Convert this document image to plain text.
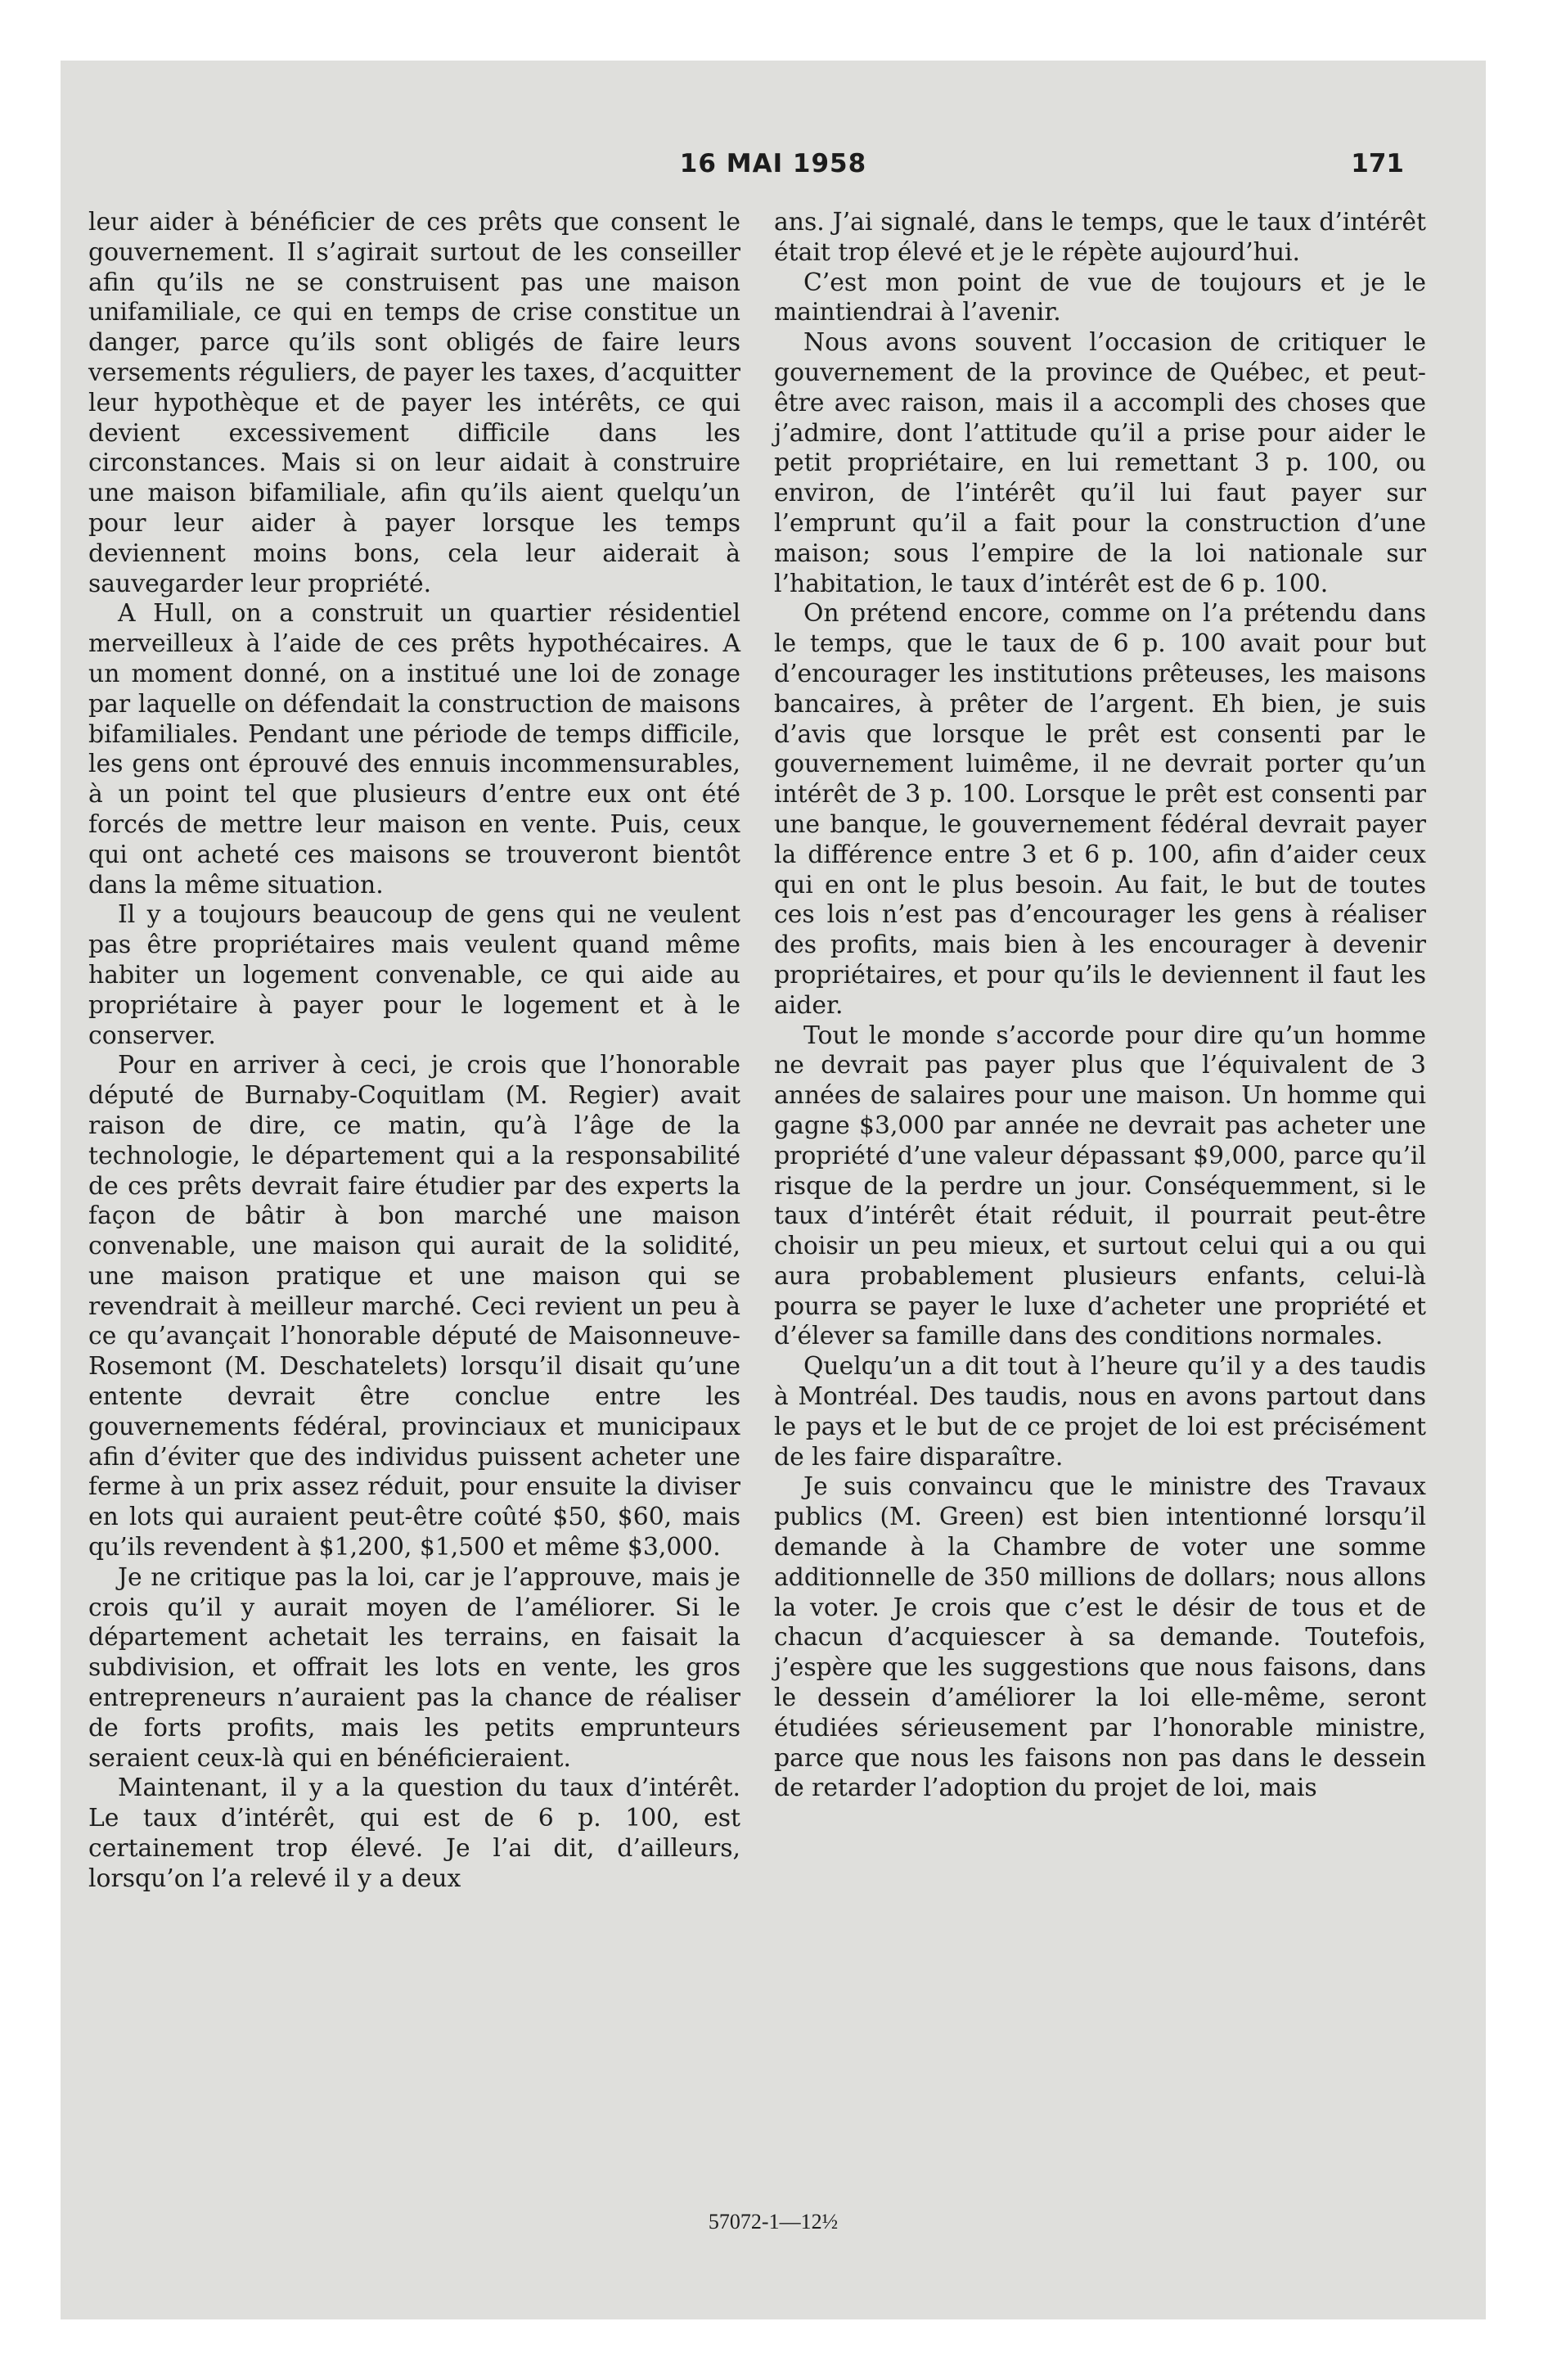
16 MAI 1958	171

leur aider à bénéficier de ces prêts que consent le gouvernement. Il s’agirait surtout de les conseiller afin qu’ils ne se construisent pas une maison unifamiliale, ce qui en temps de crise constitue un danger, parce qu’ils sont obligés de faire leurs versements réguliers, de payer les taxes, d’acquitter leur hypothèque et de payer les intérêts, ce qui devient excessivement difficile dans les circonstances. Mais si on leur aidait à construire une maison bifamiliale, afin qu’ils aient quelqu’un pour leur aider à payer lorsque les temps deviennent moins bons, cela leur aiderait à sauvegarder leur propriété.

A Hull, on a construit un quartier résidentiel merveilleux à l’aide de ces prêts hypothécaires. A un moment donné, on a institué une loi de zonage par laquelle on défendait la construction de maisons bifamiliales. Pendant une période de temps difficile, les gens ont éprouvé des ennuis incommensurables, à un point tel que plusieurs d’entre eux ont été forcés de mettre leur maison en vente. Puis, ceux qui ont acheté ces maisons se trouveront bientôt dans la même situation.

Il y a toujours beaucoup de gens qui ne veulent pas être propriétaires mais veulent quand même habiter un logement convenable, ce qui aide au propriétaire à payer pour le logement et à le conserver.

Pour en arriver à ceci, je crois que l’honorable député de Burnaby-Coquitlam (M. Regier) avait raison de dire, ce matin, qu’à l’âge de la technologie, le département qui a la responsabilité de ces prêts devrait faire étudier par des experts la façon de bâtir à bon marché une maison convenable, une maison qui aurait de la solidité, une maison pratique et une maison qui se revendrait à meilleur marché. Ceci revient un peu à ce qu’avançait l’honorable député de Maisonneuve-Rosemont (M. Deschatelets) lorsqu’il disait qu’une entente devrait être conclue entre les gouvernements fédéral, provinciaux et municipaux afin d’éviter que des individus puissent acheter une ferme à un prix assez réduit, pour ensuite la diviser en lots qui auraient peut-être coûté $50, $60, mais qu’ils revendent à $1,200, $1,500 et même $3,000.

Je ne critique pas la loi, car je l’approuve, mais je crois qu’il y aurait moyen de l’améliorer. Si le département achetait les terrains, en faisait la subdivision, et offrait les lots en vente, les gros entrepreneurs n’auraient pas la chance de réaliser de forts profits, mais les petits emprunteurs seraient ceux-là qui en bénéficieraient.

Maintenant, il y a la question du taux d’intérêt. Le taux d’intérêt, qui est de 6 p. 100, est certainement trop élevé. Je l’ai dit, d’ailleurs, lorsqu’on l’a relevé il y a deux

ans. J’ai signalé, dans le temps, que le taux d’intérêt était trop élevé et je le répète aujourd’hui.

C’est mon point de vue de toujours et je le maintiendrai à l’avenir.

Nous avons souvent l’occasion de critiquer le gouvernement de la province de Québec, et peut-être avec raison, mais il a accompli des choses que j’admire, dont l’attitude qu’il a prise pour aider le petit propriétaire, en lui remettant 3 p. 100, ou environ, de l’intérêt qu’il lui faut payer sur l’emprunt qu’il a fait pour la construction d’une maison; sous l’empire de la loi nationale sur l’habitation, le taux d’intérêt est de 6 p. 100.

On prétend encore, comme on l’a prétendu dans le temps, que le taux de 6 p. 100 avait pour but d’encourager les institutions prêteuses, les maisons bancaires, à prêter de l’argent. Eh bien, je suis d’avis que lorsque le prêt est consenti par le gouvernement luimême, il ne devrait porter qu’un intérêt de 3 p. 100. Lorsque le prêt est consenti par une banque, le gouvernement fédéral devrait payer la différence entre 3 et 6 p. 100, afin d’aider ceux qui en ont le plus besoin. Au fait, le but de toutes ces lois n’est pas d’encourager les gens à réaliser des profits, mais bien à les encourager à devenir propriétaires, et pour qu’ils le deviennent il faut les aider.

Tout le monde s’accorde pour dire qu’un homme ne devrait pas payer plus que l’équivalent de 3 années de salaires pour une maison. Un homme qui gagne $3,000 par année ne devrait pas acheter une propriété d’une valeur dépassant $9,000, parce qu’il risque de la perdre un jour. Conséquemment, si le taux d’intérêt était réduit, il pourrait peut-être choisir un peu mieux, et surtout celui qui a ou qui aura probablement plusieurs enfants, celui-là pourra se payer le luxe d’acheter une propriété et d’élever sa famille dans des conditions normales.

Quelqu’un a dit tout à l’heure qu’il y a des taudis à Montréal. Des taudis, nous en avons partout dans le pays et le but de ce projet de loi est précisément de les faire disparaître.

Je suis convaincu que le ministre des Travaux publics (M. Green) est bien intentionné lorsqu’il demande à la Chambre de voter une somme additionnelle de 350 millions de dollars; nous allons la voter. Je crois que c’est le désir de tous et de chacun d’acquiescer à sa demande. Toutefois, j’espère que les suggestions que nous faisons, dans le dessein d’améliorer la loi elle-même, seront étudiées sérieusement par l’honorable ministre, parce que nous les faisons non pas dans le dessein de retarder l’adoption du projet de loi, mais

57072-1—12½
